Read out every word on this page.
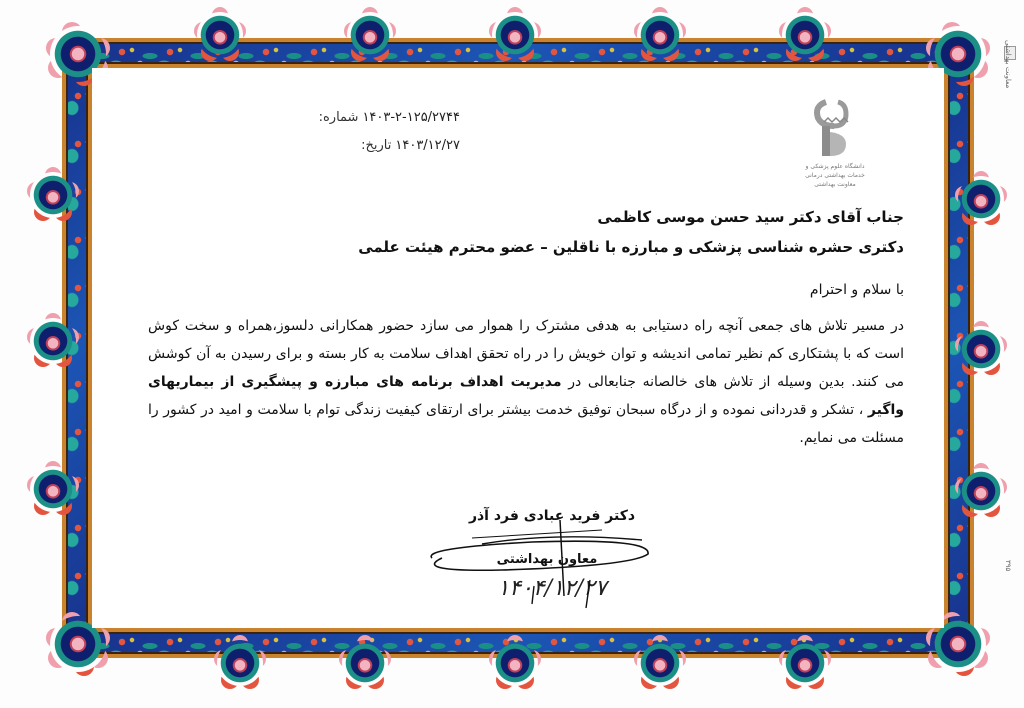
شماره: ۱۴۰۳-۲-۱۲۵/۲۷۴۴
تاریخ: ۱۴۰۳/۱۲/۲۷
دانشگاه علوم پزشکی و خدمات بهداشتی درمانی
معاونت بهداشتی
جناب آقای دکتر سید حسن موسی کاظمی
دکتری حشره شناسی پزشکی و مبارزه با ناقلین – عضو محترم هیئت علمی
با سلام و احترام
در مسیر تلاش های جمعی آنچه راه دستیابی به هدفی مشترک را هموار می سازد حضور همکارانی دلسوز،همراه و سخت کوش است که با پشتکاری کم نظیر تمامی اندیشه و توان خویش را در راه تحقق اهداف سلامت به کار بسته و برای رسیدن به آن کوشش می کنند. بدین وسیله از تلاش های خالصانه جنابعالی در مدیریت اهداف برنامه های مبارزه و پیشگیری از بیماریهای واگیر ، تشکر و قدردانی نموده و از درگاه سبحان توفیق خدمت بیشتر برای ارتقای کیفیت زندگی توام با سلامت و امید در کشور را مسئلت می نمایم.
دکتر فرید عبادی فرد آذر
معاون بهداشتی
۱۴۰۴/۱۲/۲۷
معاونت بهداشتی
۳۹۵
